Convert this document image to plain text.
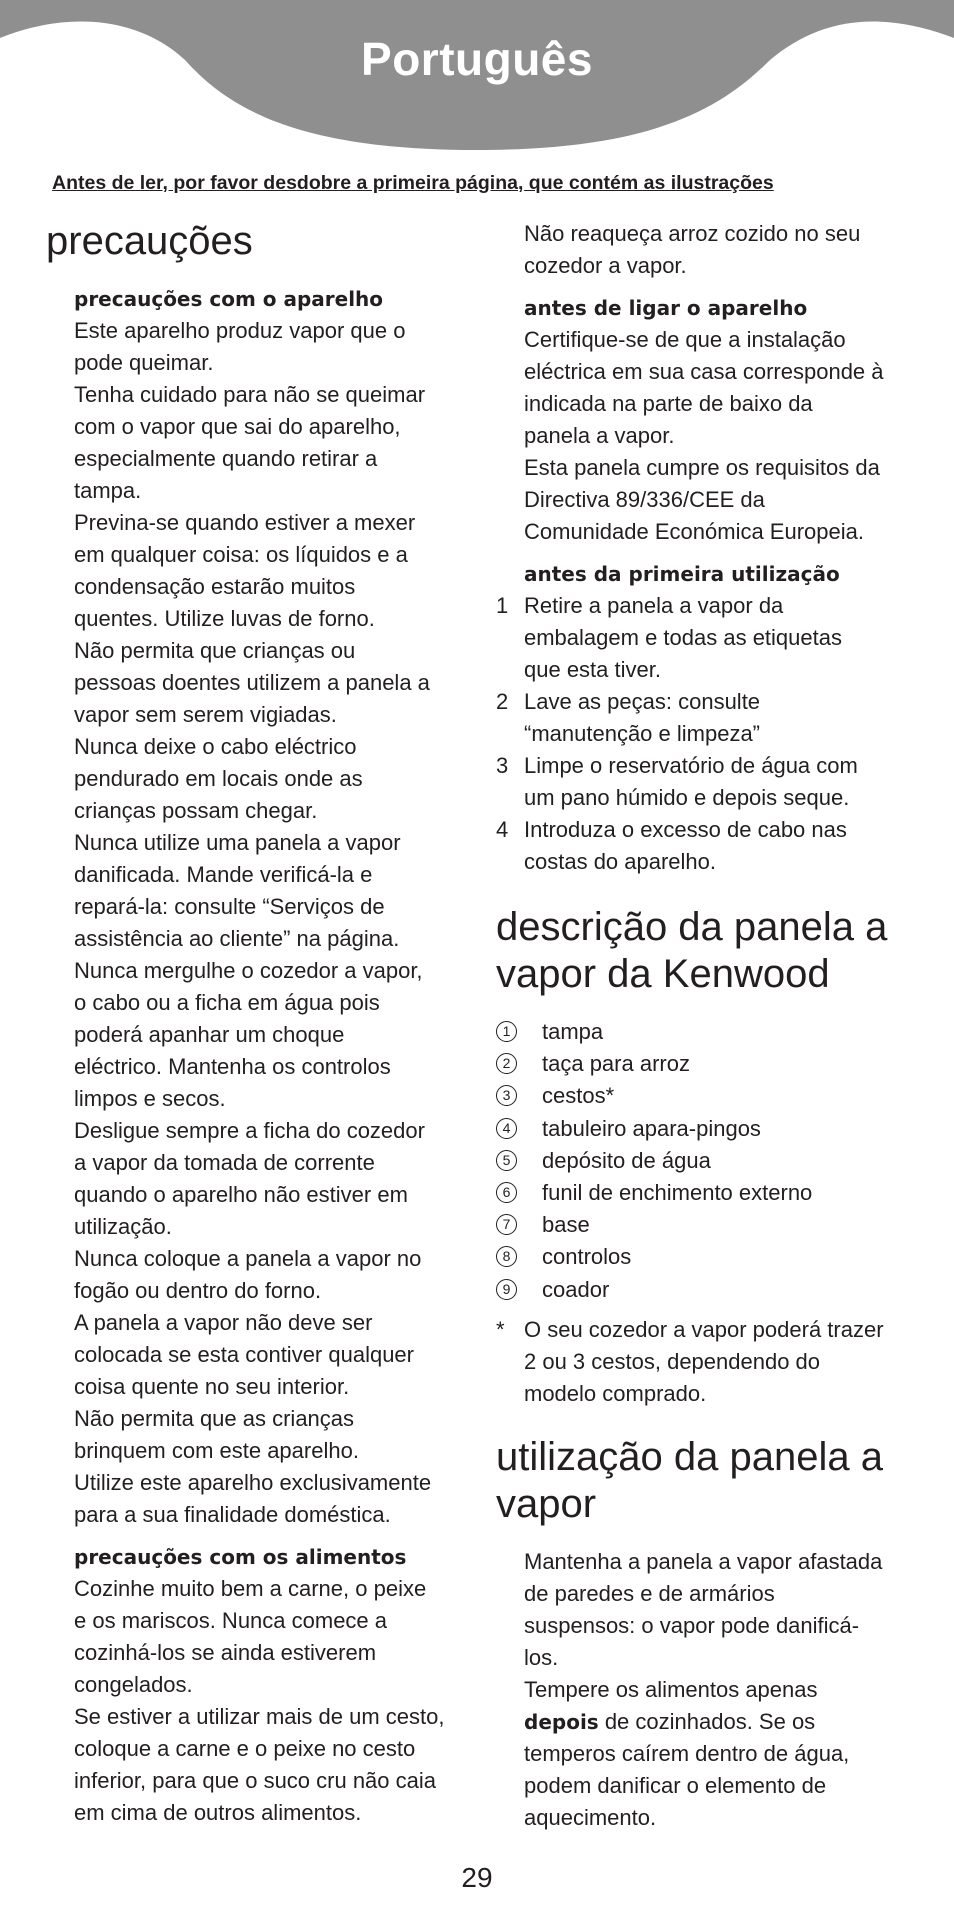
Português
Antes de ler, por favor desdobre a primeira página, que contém as ilustrações
precauções

precauções com o aparelho

Este aparelho produz vapor que o

pode queimar.

Tenha cuidado para não se queimar

com o vapor que sai do aparelho,

especialmente quando retirar a

tampa.

Previna-se quando estiver a mexer

em qualquer coisa: os líquidos e a

condensação estarão muitos

quentes. Utilize luvas de forno.

Não permita que crianças ou

pessoas doentes utilizem a panela a

vapor sem serem vigiadas.

Nunca deixe o cabo eléctrico

pendurado em locais onde as

crianças possam chegar.

Nunca utilize uma panela a vapor

danificada. Mande verificá-la e

repará-la: consulte “Serviços de

assistência ao cliente” na página.

Nunca mergulhe o cozedor a vapor,

o cabo ou a ficha em água pois

poderá apanhar um choque

eléctrico. Mantenha os controlos

limpos e secos.

Desligue sempre a ficha do cozedor

a vapor da tomada de corrente

quando o aparelho não estiver em

utilização.

Nunca coloque a panela a vapor no

fogão ou dentro do forno.

A panela a vapor não deve ser

colocada se esta contiver qualquer

coisa quente no seu interior.

Não permita que as crianças

brinquem com este aparelho.

Utilize este aparelho exclusivamente

para a sua finalidade doméstica.

precauções com os alimentos

Cozinhe muito bem a carne, o peixe

e os mariscos. Nunca comece a

cozinhá-los se ainda estiverem

congelados.

Se estiver a utilizar mais de um cesto,

coloque a carne e o peixe no cesto

inferior, para que o suco cru não caia

em cima de outros alimentos.

Não reaqueça arroz cozido no seu

cozedor a vapor.

antes de ligar o aparelho

Certifique-se de que a instalação

eléctrica em sua casa corresponde à

indicada na parte de baixo da

panela a vapor.

Esta panela cumpre os requisitos da

Directiva 89/336/CEE da

Comunidade Económica Europeia.

antes da primeira utilização

1 Retire a panela a vapor da
embalagem e todas as etiquetas
que esta tiver.
2 Lave as peças: consulte
“manutenção e limpeza”
3 Limpe o reservatório de água com
um pano húmido e depois seque.
4 Introduza o excesso de cabo nas
costas do aparelho.
descrição da panela a
vapor da Kenwood
1	tampa
2	taça para arroz
3	cestos*
4	tabuleiro apara-pingos
5	depósito de água
6	funil de enchimento externo
7	base
8	controlos
9	coador
* O seu cozedor a vapor poderá trazer
2 ou 3 cestos, dependendo do
modelo comprado.
utilização da panela a
vapor

Mantenha a panela a vapor afastada

de paredes e de armários

suspensos: o vapor pode danificá-

los.

Tempere os alimentos apenas

depois de cozinhados. Se os

temperos caírem dentro de água,

podem danificar o elemento de

aquecimento.

29
